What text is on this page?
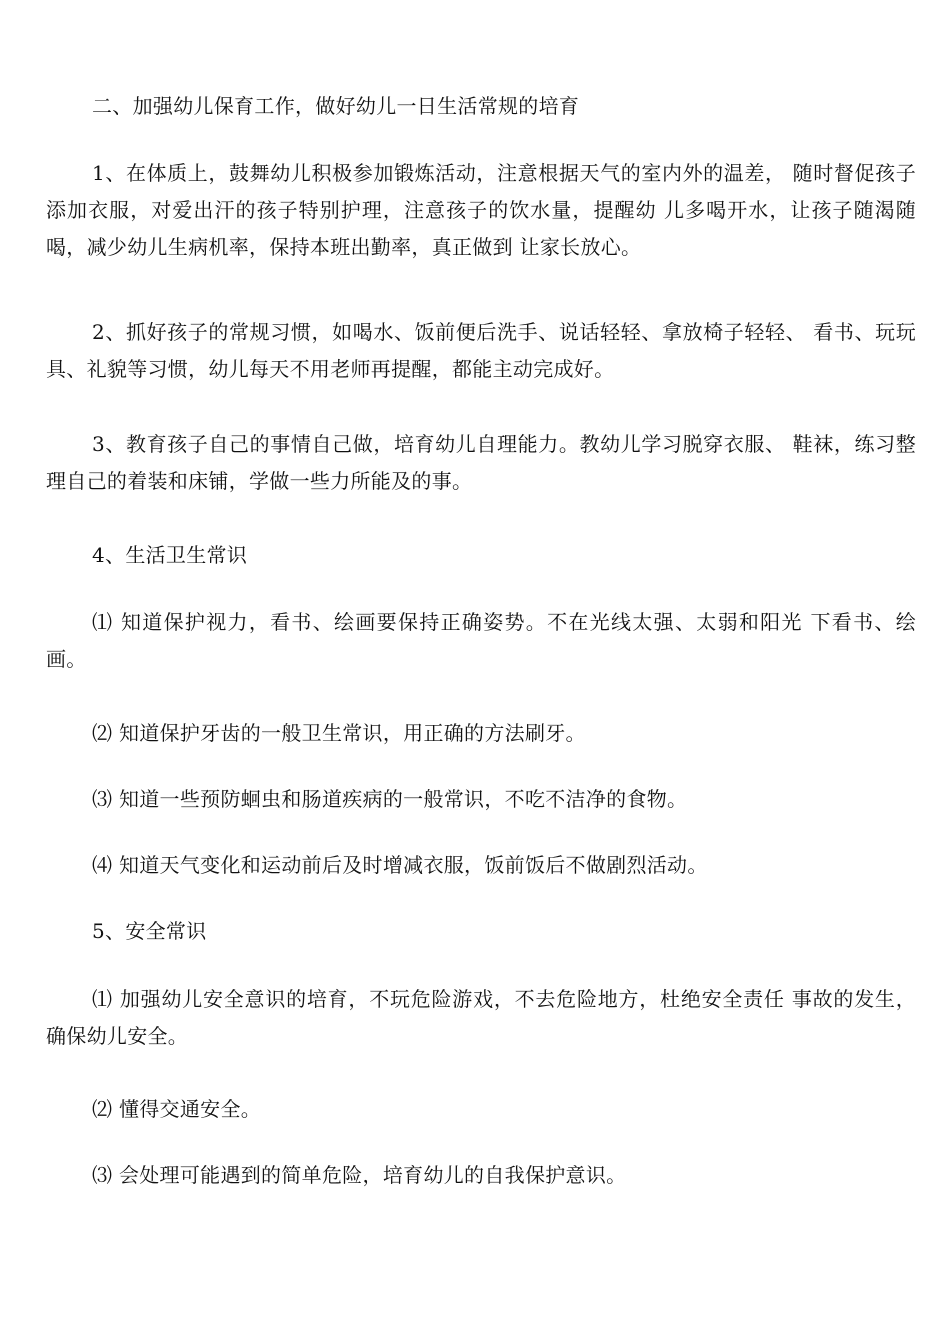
二、加强幼儿保育工作，做好幼儿一日生活常规的培育

1、在体质上，鼓舞幼儿积极参加锻炼活动，注意根据天气的室内外的温差， 随时督促孩子添加衣服，对爱出汗的孩子特别护理，注意孩子的饮水量，提醒幼 儿多喝开水，让孩子随渴随喝，减少幼儿生病机率，保持本班出勤率，真正做到 让家长放心。

2、抓好孩子的常规习惯，如喝水、饭前便后洗手、说话轻轻、拿放椅子轻轻、 看书、玩玩具、礼貌等习惯，幼儿每天不用老师再提醒，都能主动完成好。

3、教育孩子自己的事情自己做，培育幼儿自理能力。教幼儿学习脱穿衣服、 鞋袜，练习整理自己的着装和床铺，学做一些力所能及的事。

4、生活卫生常识

⑴ 知道保护视力，看书、绘画要保持正确姿势。不在光线太强、太弱和阳光 下看书、绘画。

⑵ 知道保护牙齿的一般卫生常识，用正确的方法刷牙。

⑶ 知道一些预防蛔虫和肠道疾病的一般常识，不吃不洁净的食物。

⑷ 知道天气变化和运动前后及时增减衣服，饭前饭后不做剧烈活动。

5、安全常识

⑴ 加强幼儿安全意识的培育，不玩危险游戏，不去危险地方，杜绝安全责任 事故的发生，确保幼儿安全。

⑵ 懂得交通安全。

⑶ 会处理可能遇到的简单危险，培育幼儿的自我保护意识。
